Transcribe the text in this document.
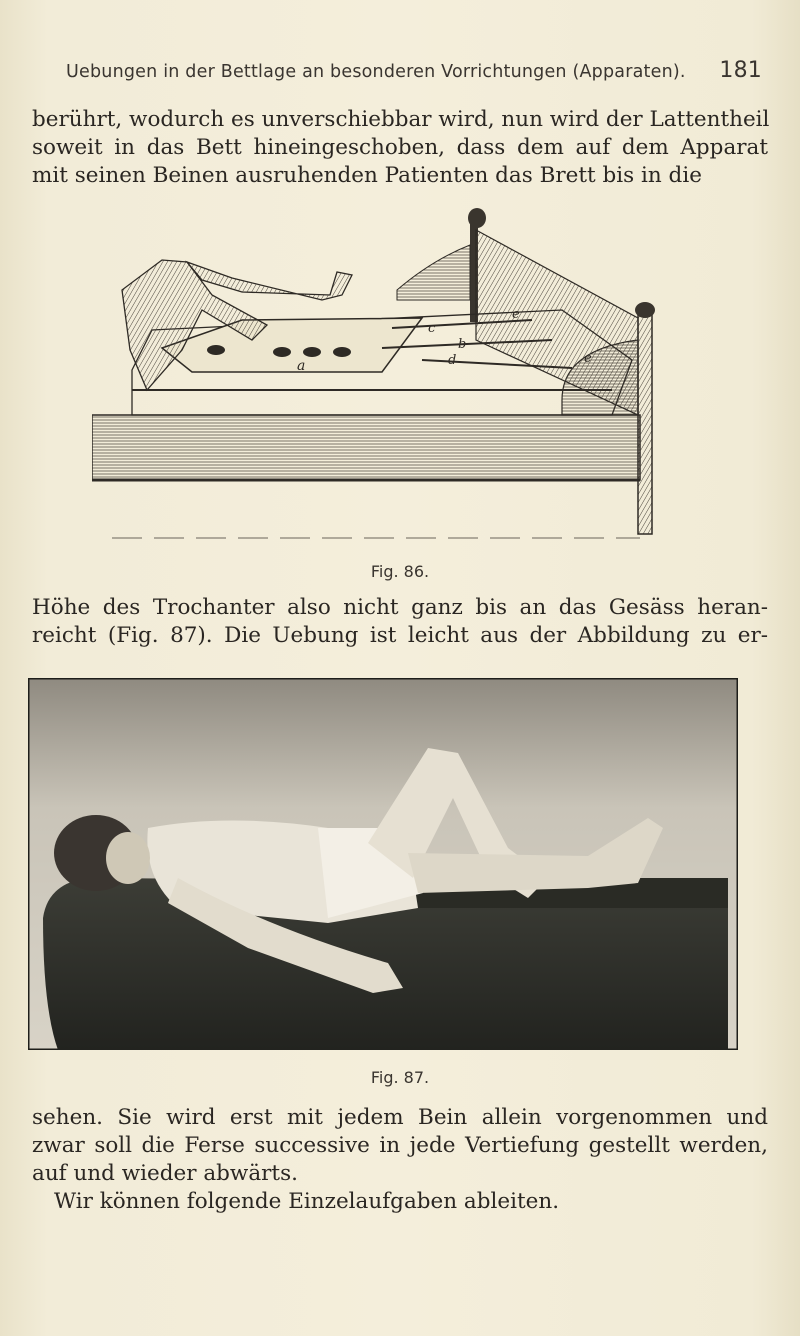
Uebungen in der Bettlage an besonderen Vorrichtungen (Apparaten). 181

berührt, wodurch es unverschiebbar wird, nun wird der Lattentheil
soweit in das Bett hineingeschoben, dass dem auf dem Apparat
mit seinen Beinen ausruhenden Patienten das Brett bis in die

a
b
c
d
e
e
Fig. 86.

Höhe des Trochanter also nicht ganz bis an das Gesäss heran-
reicht (Fig. 87). Die Uebung ist leicht aus der Abbildung zu er-

Fig. 87.

sehen. Sie wird erst mit jedem Bein allein vorgenommen und
zwar soll die Ferse successive in jede Vertiefung gestellt werden,
auf und wieder abwärts.
Wir können folgende Einzelaufgaben ableiten.
